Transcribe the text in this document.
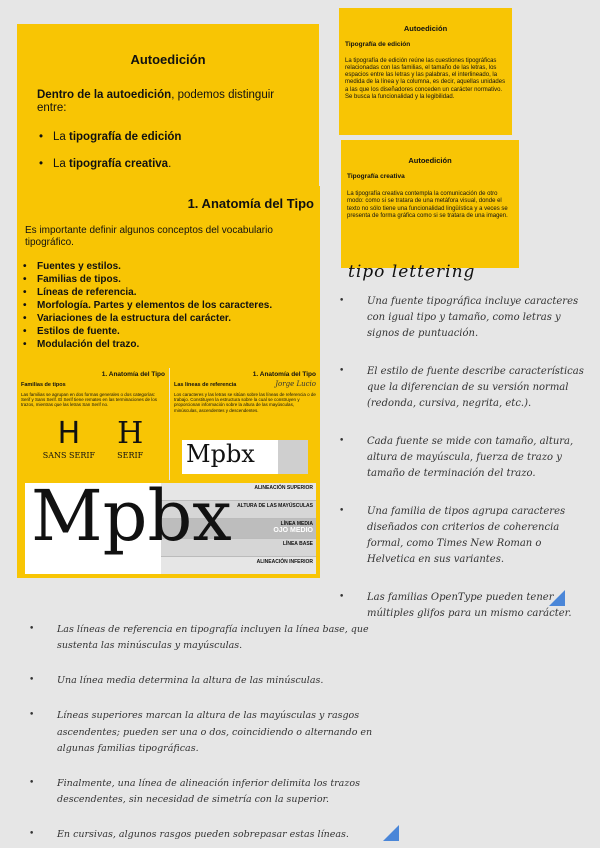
Autoedición

Dentro de la autoedición, podemos distinguir entre:

• La tipografía de edición
• La tipografía creativa.
1. Anatomía del Tipo

Es importante definir algunos conceptos del vocabulario tipográfico.

• Fuentes y estilos.
• Familias de tipos.
• Líneas de referencia.
• Morfología. Partes y elementos de los caracteres.
• Variaciones de la estructura del carácter.
• Estilos de fuente.
• Modulación del trazo.
Autoedición
Tipografía de edición
La tipografía de edición reúne las cuestiones tipográficas relacionadas con las familias, el tamaño de las letras, los espacios entre las letras y las palabras, el interlineado, la medida de la línea y la columna, es decir, aquellas unidades a las que los diseñadores conceden un carácter normativo. Se busca la funcionalidad y la legibilidad.
Autoedición
Tipografía creativa
La tipografía creativa contempla la comunicación de otro modo: como si se tratara de una metáfora visual, donde el texto no sólo tiene una funcionalidad lingüística y a veces se presenta de forma gráfica como si se tratara de una imagen.
1. Anatomía del Tipo
Familias de tipos
Las familias se agrupan en dos formas generales o dos categorías: Serif y Sans Serif. El Serif tiene remates en las terminaciones de los trazos, mientras que las letras San Serif no.
H
SANS SERIF
H
SERIF
1. Anatomía del Tipo
Las líneas de referencia	Jorge Lucio
Los caracteres y las letras se sitúan sobre las líneas de referencia o de trabajo. Constituyen la estructura sobre la cual se construyen y proporcionan información sobre la altura de las mayúsculas, minúsculas, ascendentes y descendentes.
Mpbx
ALINEACIÓN SUPERIOR
ALTURA DE LAS MAYÚSCULAS
LÍNEA MEDIA
OJO MEDIO
LÍNEA BASE
ALINEACIÓN INFERIOR
Mpbx
tipo lettering
• Una fuente tipográfica incluye caracteres con igual tipo y tamaño, como letras y signos de puntuación.
• El estilo de fuente describe características que la diferencian de su versión normal (redonda, cursiva, negrita, etc.).
• Cada fuente se mide con tamaño, altura, altura de mayúscula, fuerza de trazo y tamaño de terminación del trazo.
• Una familia de tipos agrupa caracteres diseñados con criterios de coherencia formal, como Times New Roman o Helvetica en sus variantes.
• Las familias OpenType pueden tener múltiples glifos para un mismo carácter.
• Las líneas de referencia en tipografía incluyen la línea base, que sustenta las minúsculas y mayúsculas.
• Una línea media determina la altura de las minúsculas.
• Líneas superiores marcan la altura de las mayúsculas y rasgos ascendentes; pueden ser una o dos, coincidiendo o alternando en algunas familias tipográficas.
• Finalmente, una línea de alineación inferior delimita los trazos descendentes, sin necesidad de simetría con la superior.
• En cursivas, algunos rasgos pueden sobrepasar estas líneas.
